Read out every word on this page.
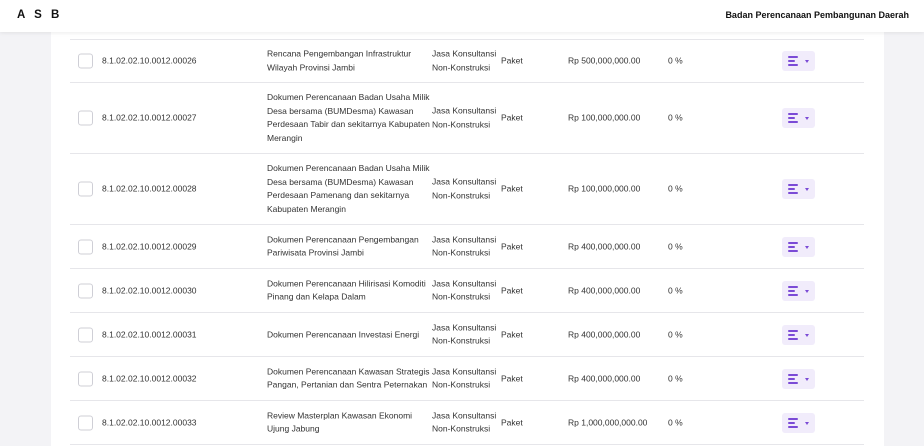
A S B	Badan Perencanaan Pembangunan Daerah
8.1.02.02.10.0012.00026
Rencana Pengembangan Infrastruktur Wilayah Provinsi Jambi
Jasa Konsultansi Non-Konstruksi
Paket	Rp 500,000,000.00	0 %
8.1.02.02.10.0012.00027
Dokumen Perencanaan Badan Usaha Milik Desa bersama (BUMDesma) Kawasan Perdesaan Tabir dan sekitarnya Kabupaten Merangin
Jasa Konsultansi Non-Konstruksi
Paket	Rp 100,000,000.00	0 %
8.1.02.02.10.0012.00028
Dokumen Perencanaan Badan Usaha Milik Desa bersama (BUMDesma) Kawasan Perdesaan Pamenang dan sekitarnya Kabupaten Merangin
Jasa Konsultansi Non-Konstruksi
Paket	Rp 100,000,000.00	0 %
8.1.02.02.10.0012.00029
Dokumen Perencanaan Pengembangan Pariwisata Provinsi Jambi
Jasa Konsultansi Non-Konstruksi
Paket	Rp 400,000,000.00	0 %
8.1.02.02.10.0012.00030
Dokumen Perencanaan Hilirisasi Komoditi Pinang dan Kelapa Dalam
Jasa Konsultansi Non-Konstruksi
Paket	Rp 400,000,000.00	0 %
8.1.02.02.10.0012.00031	Dokumen Perencanaan Investasi Energi
Jasa Konsultansi Non-Konstruksi
Paket	Rp 400,000,000.00	0 %
8.1.02.02.10.0012.00032
Dokumen Perencanaan Kawasan Strategis Pangan, Pertanian dan Sentra Peternakan
Jasa Konsultansi Non-Konstruksi
Paket	Rp 400,000,000.00	0 %
8.1.02.02.10.0012.00033
Review Masterplan Kawasan Ekonomi Ujung Jabung
Jasa Konsultansi Non-Konstruksi
Paket	Rp 1,000,000,000.00 0 %
